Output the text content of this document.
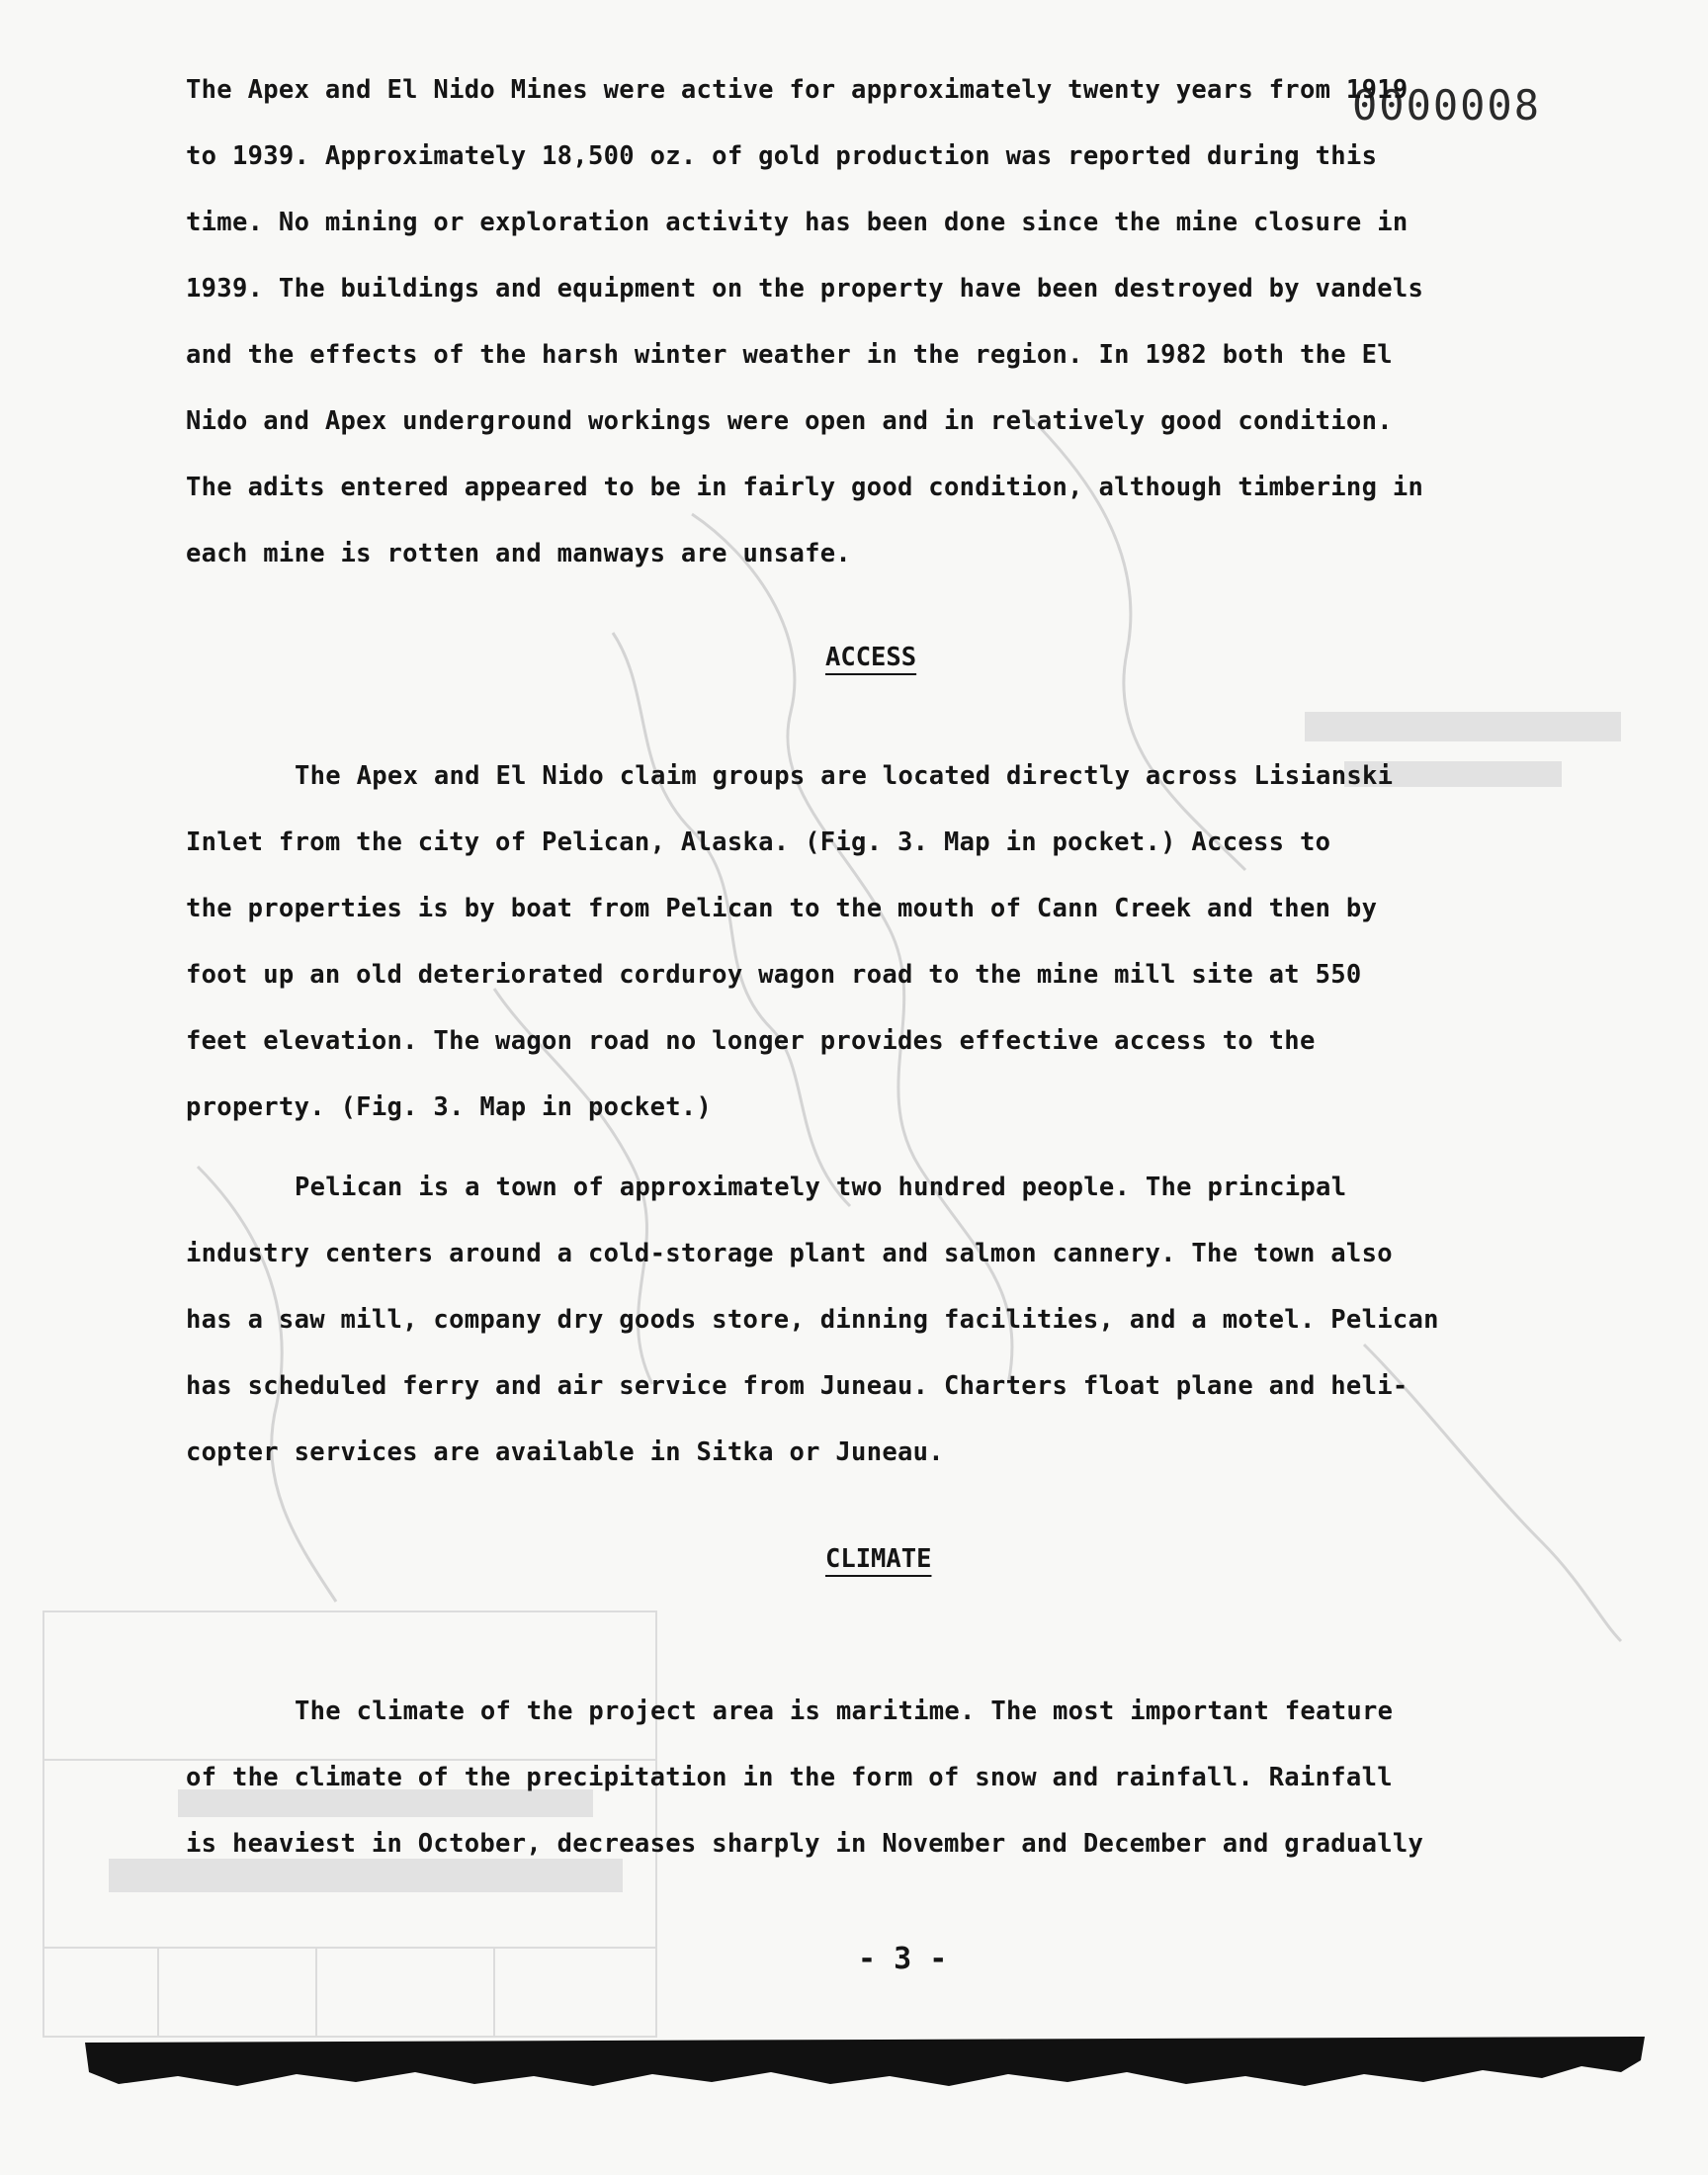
0000008

The Apex and El Nido Mines were active for approximately twenty years from 1919
to 1939. Approximately 18,500 oz. of gold production was reported during this
time. No mining or exploration activity has been done since the mine closure in
1939. The buildings and equipment on the property have been destroyed by vandels
and the effects of the harsh winter weather in the region. In 1982 both the El
Nido and Apex underground workings were open and in relatively good condition.
The adits entered appeared to be in fairly good condition, although timbering in
each mine is rotten and manways are unsafe.

ACCESS

The Apex and El Nido claim groups are located directly across Lisianski
Inlet from the city of Pelican, Alaska. (Fig. 3. Map in pocket.) Access to
the properties is by boat from Pelican to the mouth of Cann Creek and then by
foot up an old deteriorated corduroy wagon road to the mine mill site at 550
feet elevation. The wagon road no longer provides effective access to the
property. (Fig. 3. Map in pocket.)

Pelican is a town of approximately two hundred people. The principal
industry centers around a cold-storage plant and salmon cannery. The town also
has a saw mill, company dry goods store, dinning facilities, and a motel. Pelican
has scheduled ferry and air service from Juneau. Charters float plane and heli-
copter services are available in Sitka or Juneau.

CLIMATE

The climate of the project area is maritime. The most important feature
of the climate of the precipitation in the form of snow and rainfall. Rainfall
is heaviest in October, decreases sharply in November and December and gradually

- 3 -
